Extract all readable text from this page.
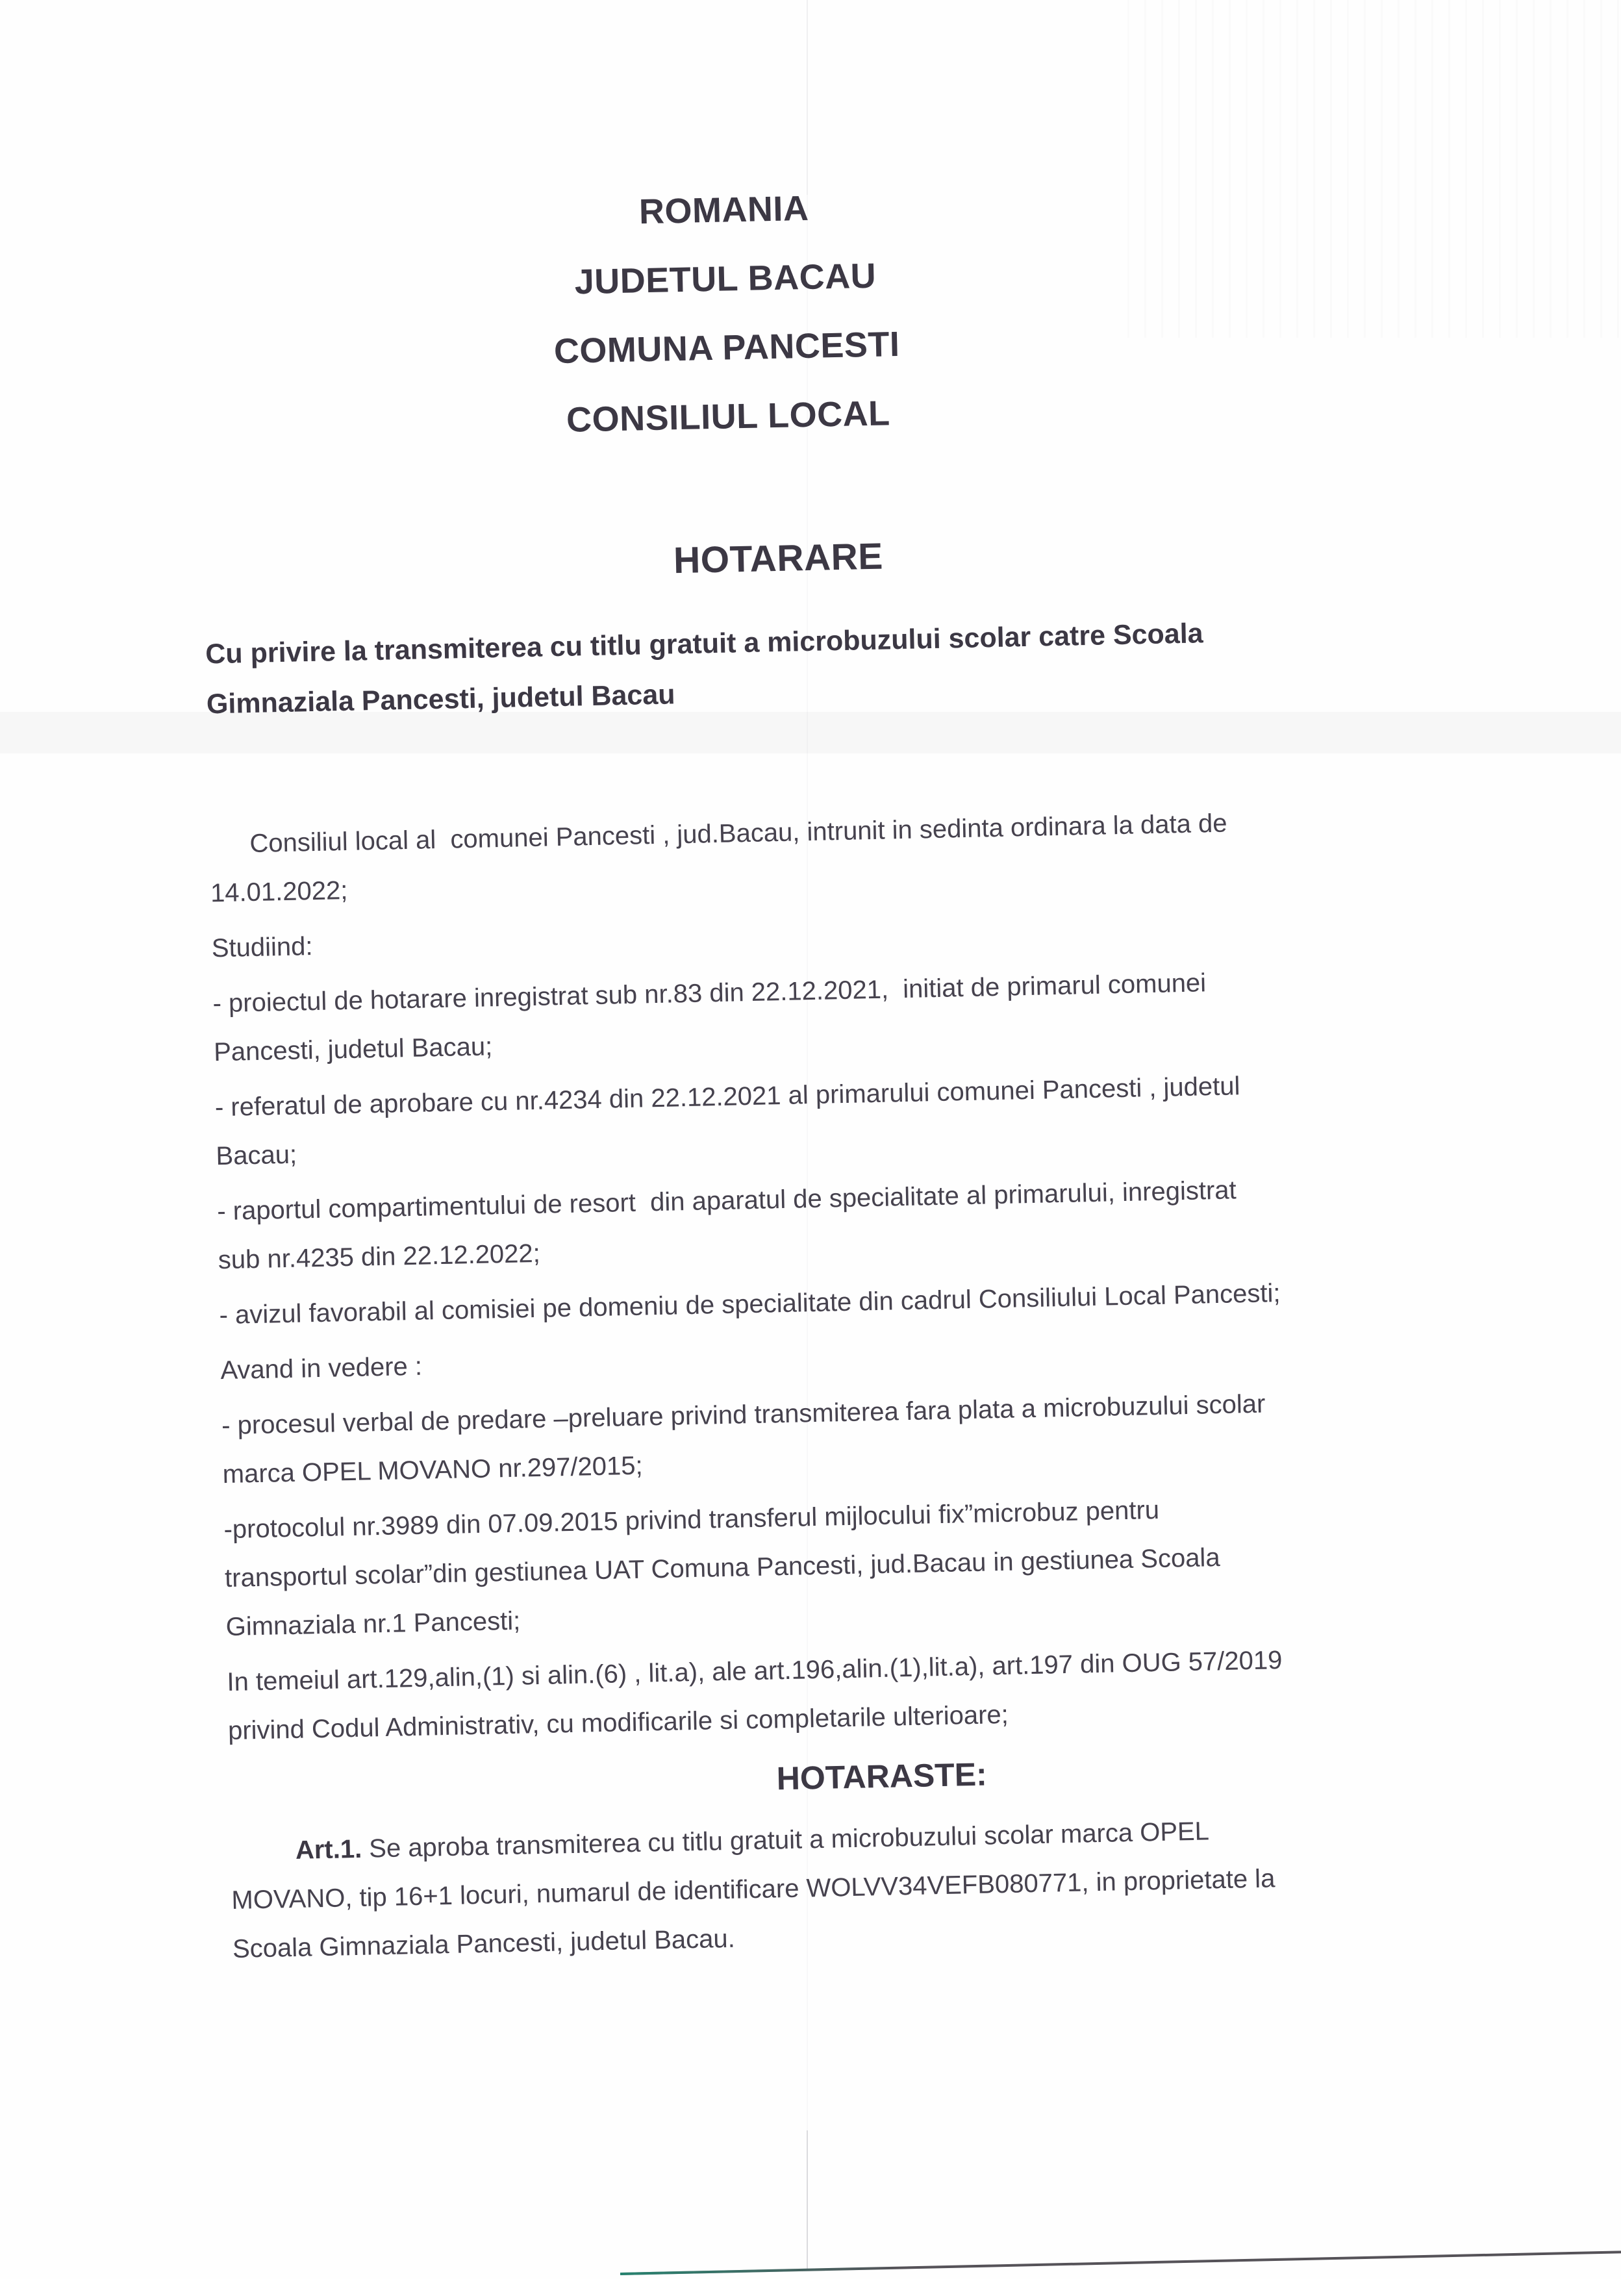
ROMANIA
JUDETUL BACAU
COMUNA PANCESTI
CONSILIUL LOCAL
HOTARARE
Cu privire la transmiterea cu titlu gratuit a microbuzului scolar catre Scoala
Gimnaziala Pancesti, judetul Bacau
Consiliul local al  comunei Pancesti , jud.Bacau, intrunit in sedinta ordinara la data de
14.01.2022;
Studiind:
- proiectul de hotarare inregistrat sub nr.83 din 22.12.2021,  initiat de primarul comunei
Pancesti, judetul Bacau;
- referatul de aprobare cu nr.4234 din 22.12.2021 al primarului comunei Pancesti , judetul
Bacau;
- raportul compartimentului de resort  din aparatul de specialitate al primarului, inregistrat
sub nr.4235 din 22.12.2022;
- avizul favorabil al comisiei pe domeniu de specialitate din cadrul Consiliului Local Pancesti;
Avand in vedere :
- procesul verbal de predare –preluare privind transmiterea fara plata a microbuzului scolar
marca OPEL MOVANO nr.297/2015;
-protocolul nr.3989 din 07.09.2015 privind transferul mijlocului fix”microbuz pentru
transportul scolar”din gestiunea UAT Comuna Pancesti, jud.Bacau in gestiunea Scoala
Gimnaziala nr.1 Pancesti;
In temeiul art.129,alin,(1) si alin.(6) , lit.a), ale art.196,alin.(1),lit.a), art.197 din OUG 57/2019
privind Codul Administrativ, cu modificarile si completarile ulterioare;
HOTARASTE:
Art.1. Se aproba transmiterea cu titlu gratuit a microbuzului scolar marca OPEL
MOVANO, tip 16+1 locuri, numarul de identificare WOLVV34VEFB080771, in proprietate la
Scoala Gimnaziala Pancesti, judetul Bacau.
